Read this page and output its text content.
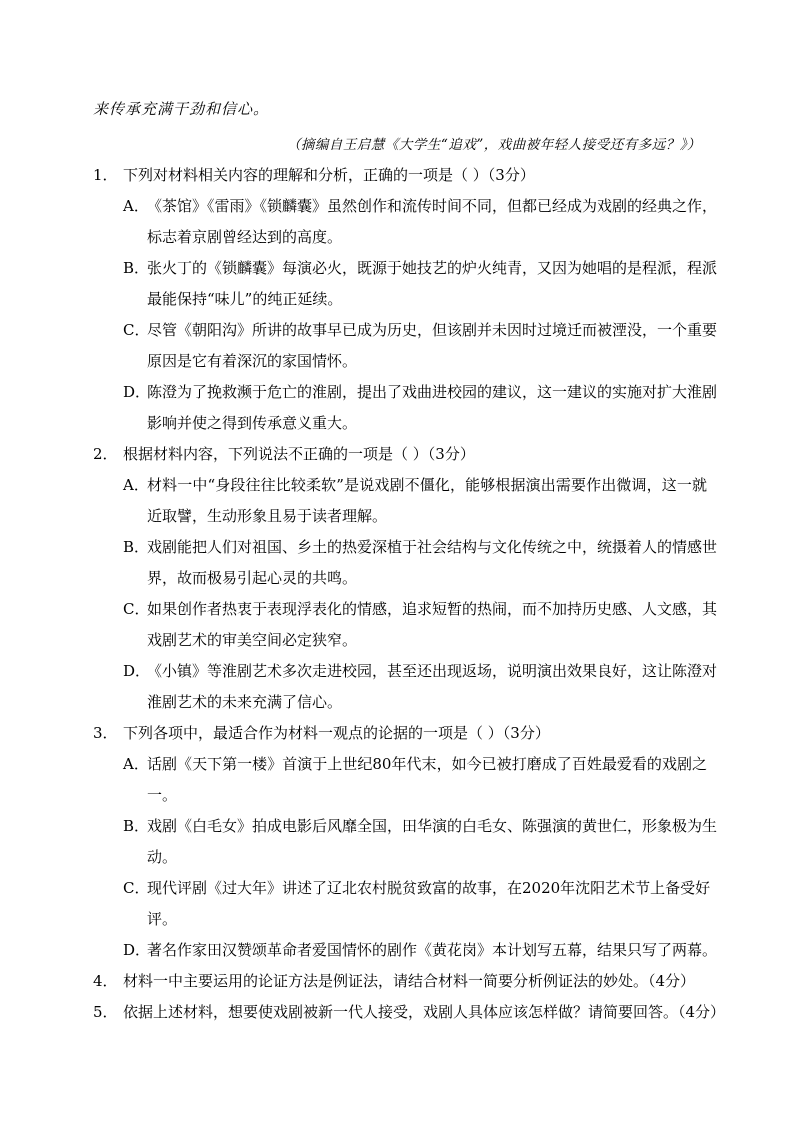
来传承充满干劲和信心。
（摘编自王启慧《大学生“追戏”，戏曲被年轻人接受还有多远？》）
1． 下列对材料相关内容的理解和分析，正确的一项是（ ）（3分）
A．
《茶馆》《雷雨》《锁麟囊》虽然创作和流传时间不同，但都已经成为戏剧的经典之作，
标志着京剧曾经达到的高度。
B．
张火丁的《锁麟囊》每演必火，既源于她技艺的炉火纯青，又因为她唱的是程派，程派
最能保持“味儿”的纯正延续。
C．
尽管《朝阳沟》所讲的故事早已成为历史，但该剧并未因时过境迁而被湮没，一个重要
原因是它有着深沉的家国情怀。
D．
陈澄为了挽救濒于危亡的淮剧，提出了戏曲进校园的建议，这一建议的实施对扩大淮剧
影响并使之得到传承意义重大。
2． 根据材料内容，下列说法不正确的一项是（ ）（3分）
A．
材料一中“身段往往比较柔软”是说戏剧不僵化，能够根据演出需要作出微调，这一就
近取譬，生动形象且易于读者理解。
B．
戏剧能把人们对祖国、乡土的热爱深植于社会结构与文化传统之中，统摄着人的情感世
界，故而极易引起心灵的共鸣。
C．
如果创作者热衷于表现浮表化的情感，追求短暂的热闹，而不加持历史感、人文感，其
戏剧艺术的审美空间必定狭窄。
D．
《小镇》等淮剧艺术多次走进校园，甚至还出现返场，说明演出效果良好，这让陈澄对
淮剧艺术的未来充满了信心。
3． 下列各项中，最适合作为材料一观点的论据的一项是（ ）（3分）
A．
话剧《天下第一楼》首演于上世纪80年代末，如今已被打磨成了百姓最爱看的戏剧之
一。
B．
戏剧《白毛女》拍成电影后风靡全国，田华演的白毛女、陈强演的黄世仁，形象极为生
动。
C．
现代评剧《过大年》讲述了辽北农村脱贫致富的故事，在2020年沈阳艺术节上备受好
评。
D．
著名作家田汉赞颂革命者爱国情怀的剧作《黄花岗》本计划写五幕，结果只写了两幕。
4． 材料一中主要运用的论证方法是例证法，请结合材料一简要分析例证法的妙处。（4分）
5． 依据上述材料，想要使戏剧被新一代人接受，戏剧人具体应该怎样做？请简要回答。（4分）
